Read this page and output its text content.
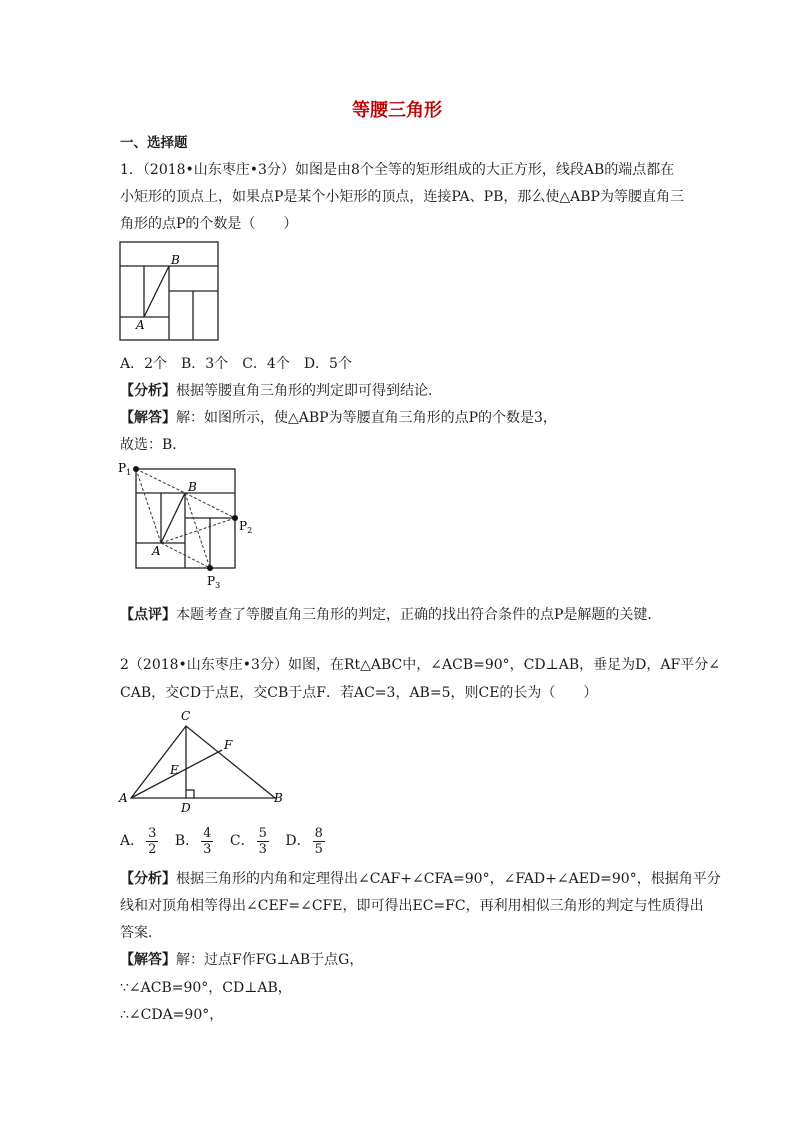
等腰三角形
一、选择题
1．（2018•山东枣庄•3分）如图是由8个全等的矩形组成的大正方形，线段AB的端点都在
小矩形的顶点上，如果点P是某个小矩形的顶点，连接PA、PB，那么使△ABP为等腰直角三
角形的点P的个数是（　　）
B
A
A．2个　B．3个　C．4个　D．5个
【分析】根据等腰直角三角形的判定即可得到结论．
【解答】解：如图所示，使△ABP为等腰直角三角形的点P的个数是3，
故选：B．
$P_1$
$P_2$
$P_3$
B
A
【点评】本题考查了等腰直角三角形的判定，正确的找出符合条件的点P是解题的关键．
2（2018•山东枣庄•3分）如图，在Rt△ABC中，∠ACB=90°，CD⊥AB，垂足为D，AF平分∠
CAB，交CD于点E，交CB于点F．若AC=3，AB=5，则CE的长为（　　）
C
F
E
A	B
D
A． $\frac{3}{2}$ B． $\frac{4}{3}$ C． $\frac{5}{3}$ D． $\frac{8}{5}$
【分析】根据三角形的内角和定理得出∠CAF+∠CFA=90°，∠FAD+∠AED=90°，根据角平分
线和对顶角相等得出∠CEF=∠CFE，即可得出EC=FC，再利用相似三角形的判定与性质得出
答案．
【解答】解：过点F作FG⊥AB于点G，
∵∠ACB=90°，CD⊥AB，
∴∠CDA=90°，
